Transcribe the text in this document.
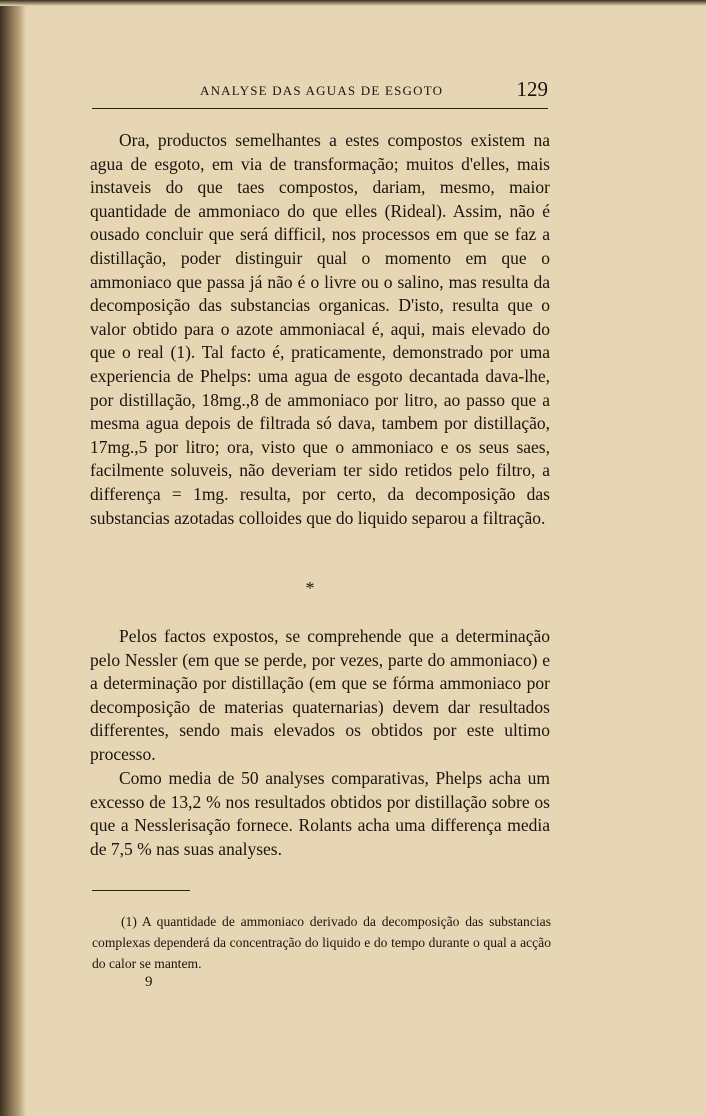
ANALYSE DAS AGUAS DE ESGOTO	129

Ora, productos semelhantes a estes compostos existem na agua de esgoto, em via de transformação; muitos d'elles, mais instaveis do que taes compostos, dariam, mesmo, maior quantidade de ammoniaco do que elles (Rideal). Assim, não é ousado concluir que será difficil, nos processos em que se faz a distillação, poder distinguir qual o momento em que o ammoniaco que passa já não é o livre ou o salino, mas resulta da decomposição das substancias organicas. D'isto, resulta que o valor obtido para o azote ammoniacal é, aqui, mais elevado do que o real (1). Tal facto é, praticamente, demonstrado por uma experiencia de Phelps: uma agua de esgoto decantada dava-lhe, por distillação, 18mg.,8 de ammoniaco por litro, ao passo que a mesma agua depois de filtrada só dava, tambem por distillação, 17mg.,5 por litro; ora, visto que o ammoniaco e os seus saes, facilmente soluveis, não deveriam ter sido retidos pelo filtro, a differença = 1mg. resulta, por certo, da decomposição das substancias azotadas colloides que do liquido separou a filtração.

*

Pelos factos expostos, se comprehende que a determinação pelo Nessler (em que se perde, por vezes, parte do ammoniaco) e a determinação por distillação (em que se fórma ammoniaco por decomposição de materias quaternarias) devem dar resultados differentes, sendo mais elevados os obtidos por este ultimo processo.

Como media de 50 analyses comparativas, Phelps acha um excesso de 13,2 % nos resultados obtidos por distillação sobre os que a Nesslerisação fornece. Rolants acha uma differença media de 7,5 % nas suas analyses.

(1) A quantidade de ammoniaco derivado da decomposição das substancias complexas dependerá da concentração do liquido e do tempo durante o qual a acção do calor se mantem.

9
